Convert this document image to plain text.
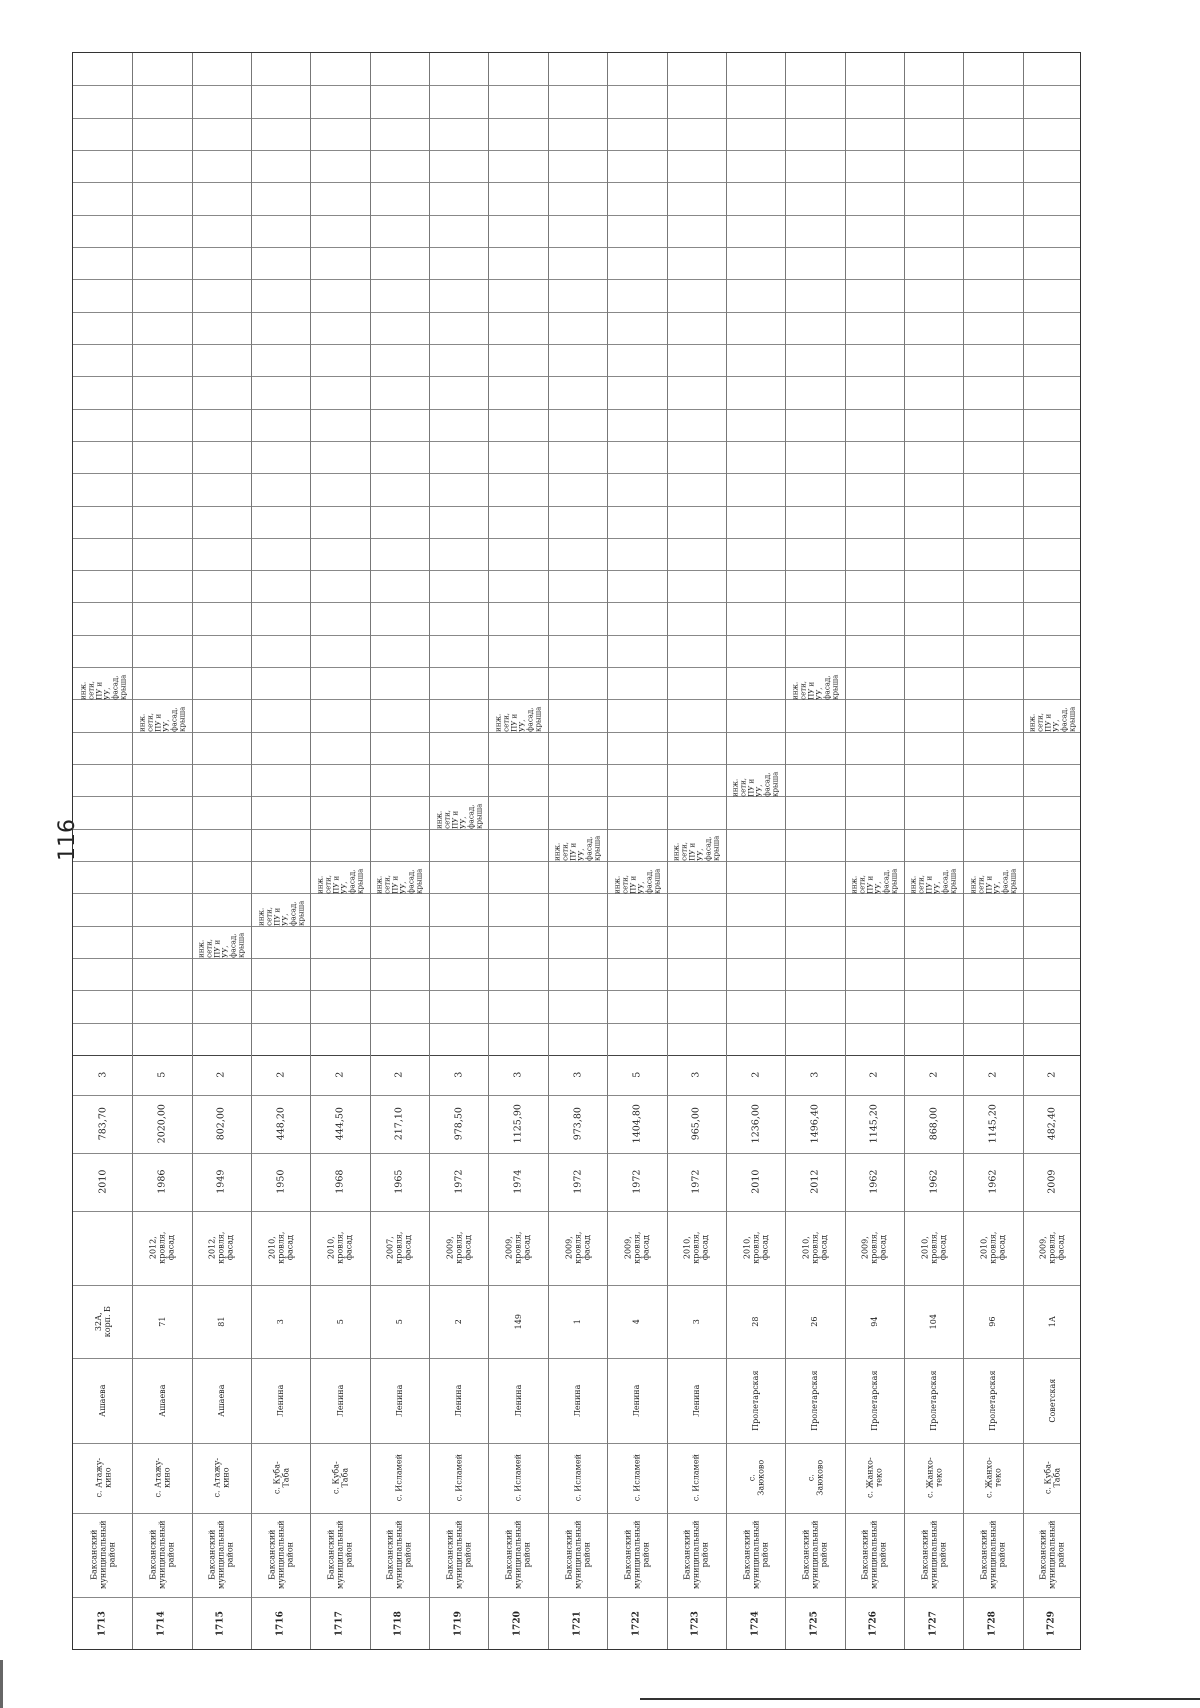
116
1713
Баксанский
муниципальный
район
с. Атажу-
кино
Ашаева
32А,
корп. Б
2010
783,70
3
инж.
сети,
ПУ и
УУ,
фасад,
крыша
1714
Баксанский
муниципальный
район
с. Атажу-
кино
Ашаева
71
2012,
кровля,
фасад
1986
2020,00
5
инж.
сети,
ПУ и
УУ,
фасад,
крыша
1715
Баксанский
муниципальный
район
с. Атажу-
кино
Ашаева
81
2012,
кровля,
фасад
1949
802,00
2
инж.
сети,
ПУ и
УУ,
фасад,
крыша
1716
Баксанский
муниципальный
район
с. Куба-
Таба
Ленина
3
2010,
кровля,
фасад
1950
448,20
2
инж.
сети,
ПУ и
УУ,
фасад,
крыша
1717
Баксанский
муниципальный
район
с. Куба-
Таба
Ленина
5
2010,
кровля,
фасад
1968
444,50
2
инж.
сети,
ПУ и
УУ,
фасад,
крыша
1718
Баксанский
муниципальный
район
с. Исламей
Ленина
5
2007,
кровля,
фасад
1965
217,10
2
инж.
сети,
ПУ и
УУ,
фасад,
крыша
1719
Баксанский
муниципальный
район
с. Исламей
Ленина
2
2009,
кровля,
фасад
1972
978,50
3
инж.
сети,
ПУ и
УУ,
фасад,
крыша
1720
Баксанский
муниципальный
район
с. Исламей
Ленина
149
2009,
кровля,
фасад
1974
1125,90
3
инж.
сети,
ПУ и
УУ,
фасад,
крыша
1721
Баксанский
муниципальный
район
с. Исламей
Ленина
1
2009,
кровля,
фасад
1972
973,80
3
инж.
сети,
ПУ и
УУ,
фасад,
крыша
1722
Баксанский
муниципальный
район
с. Исламей
Ленина
4
2009,
кровля,
фасад
1972
1404,80
5
инж.
сети,
ПУ и
УУ,
фасад,
крыша
1723
Баксанский
муниципальный
район
с. Исламей
Ленина
3
2010,
кровля,
фасад
1972
965,00
3
инж.
сети,
ПУ и
УУ,
фасад,
крыша
1724
Баксанский
муниципальный
район
с.
Заюково
Пролетарская
28
2010,
кровля,
фасад
2010
1236,00
2
инж.
сети,
ПУ и
УУ,
фасад,
крыша
1725
Баксанский
муниципальный
район
с.
Заюково
Пролетарская
26
2010,
кровля,
фасад
2012
1496,40
3
инж.
сети,
ПУ и
УУ,
фасад,
крыша
1726
Баксанский
муниципальный
район
с. Жанхо-
теко
Пролетарская
94
2009,
кровля,
фасад
1962
1145,20
2
инж.
сети,
ПУ и
УУ,
фасад,
крыша
1727
Баксанский
муниципальный
район
с. Жанхо-
теко
Пролетарская
104
2010,
кровля,
фасад
1962
868,00
2
инж.
сети,
ПУ и
УУ,
фасад,
крыша
1728
Баксанский
муниципальный
район
с. Жанхо-
теко
Пролетарская
96
2010,
кровля,
фасад
1962
1145,20
2
инж.
сети,
ПУ и
УУ,
фасад,
крыша
1729
Баксанский
муниципальный
район
с. Куба-
Таба
Советская
1А
2009,
кровля,
фасад
2009
482,40
2
инж.
сети,
ПУ и
УУ,
фасад,
крыша
